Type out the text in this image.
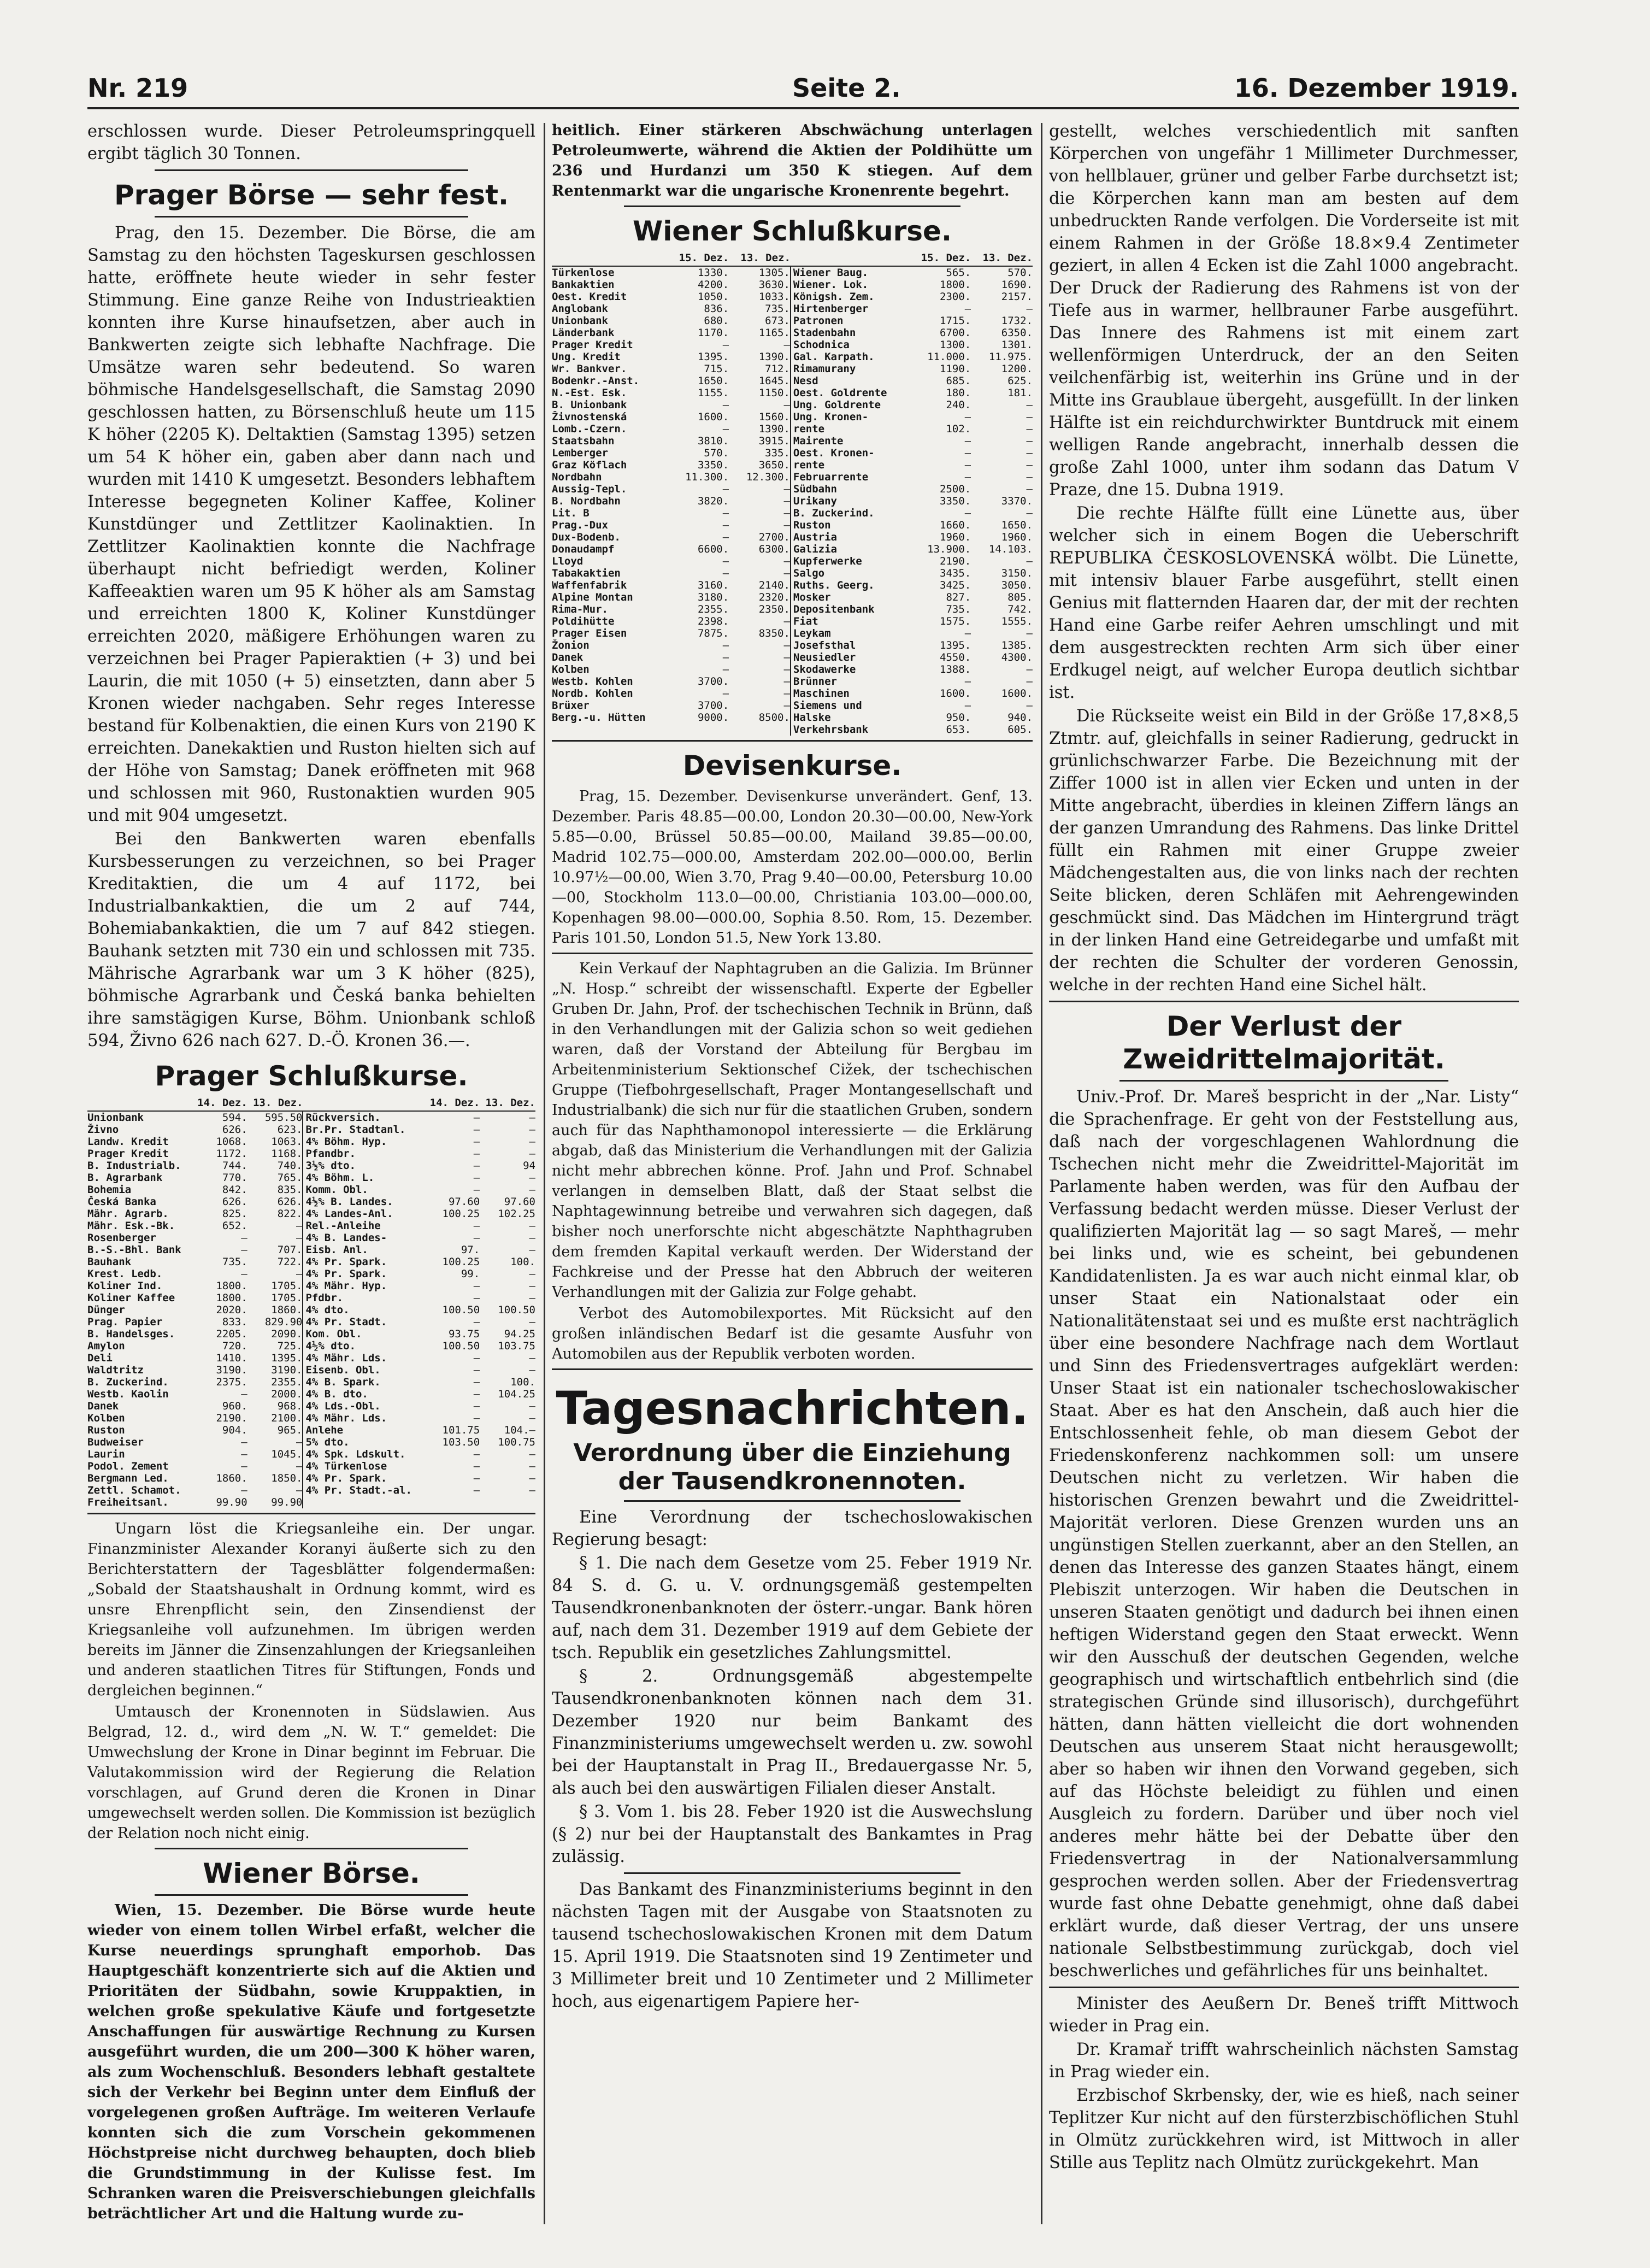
Nr. 219	Seite 2.	16. Dezember 1919.

erschlossen wurde. Dieser Petroleumspringquell ergibt täglich 30 Tonnen.

Prager Börse — sehr fest.

Prag, den 15. Dezember. Die Börse, die am Samstag zu den höchsten Tageskursen geschlossen hatte, eröffnete heute wieder in sehr fester Stimmung. Eine ganze Reihe von Industrieaktien konnten ihre Kurse hinaufsetzen, aber auch in Bankwerten zeigte sich lebhafte Nachfrage. Die Umsätze waren sehr bedeutend. So waren böhmische Handelsgesellschaft, die Samstag 2090 geschlossen hatten, zu Börsenschluß heute um 115 K höher (2205 K). Deltaktien (Samstag 1395) setzen um 54 K höher ein, gaben aber dann nach und wurden mit 1410 K umgesetzt. Besonders lebhaftem Interesse begegneten Koliner Kaffee, Koliner Kunstdünger und Zettlitzer Kaolinaktien. In Zettlitzer Kaolinaktien konnte die Nachfrage überhaupt nicht befriedigt werden, Koliner Kaffeeaktien waren um 95 K höher als am Samstag und erreichten 1800 K, Koliner Kunstdünger erreichten 2020, mäßigere Erhöhungen waren zu verzeichnen bei Prager Papieraktien (+ 3) und bei Laurin, die mit 1050 (+ 5) einsetzten, dann aber 5 Kronen wieder nachgaben. Sehr reges Interesse bestand für Kolbenaktien, die einen Kurs von 2190 K erreichten. Danekaktien und Ruston hielten sich auf der Höhe von Samstag; Danek eröffneten mit 968 und schlossen mit 960, Rustonaktien wurden 905 und mit 904 umgesetzt.

Bei den Bankwerten waren ebenfalls Kursbesserungen zu verzeichnen, so bei Prager Kreditaktien, die um 4 auf 1172, bei Industrialbankaktien, die um 2 auf 744, Bohemiabankaktien, die um 7 auf 842 stiegen. Bauhank setzten mit 730 ein und schlossen mit 735. Mährische Agrarbank war um 3 K höher (825), böhmische Agrarbank und Česká banka behielten ihre samstägigen Kurse, Böhm. Unionbank schloß 594, Živno 626 nach 627. D.-Ö. Kronen 36.—.

Prager Schlußkurse.
	14. Dez.	13. Dez.		14. Dez.	13. Dez.
Unionbank	594.	595.50	Rückversich.	—	—
Živno	626.	623.	Br.Pr. Stadtanl.	—	—
Landw. Kredit	1068.	1063.	4% Böhm. Hyp.	—	—
Prager Kredit	1172.	1168.	Pfandbr.	—	—
B. Industrialb.	744.	740.	3½% dto.	—	94
B. Agrarbank	770.	765.	4% Böhm. L.	—	—
Bohemia	842.	835.	Komm. Obl.	—	—
Česká Banka	626.	626.	4½% B. Landes.	97.60	97.60
Mähr. Agrarb.	825.	822.	4% Landes-Anl.	100.25	102.25
Mähr. Esk.-Bk.	652.	—	Rel.-Anleihe	—	—
Rosenberger	—	—	4% B. Landes-	—	—
B.-S.-Bhl. Bank	—	707.	Eisb. Anl.	97.	—
Bauhank	735.	722.	4% Pr. Spark.	100.25	100.
Krest. Ledb.	—	—	4% Pr. Spark.	99.	—
Koliner Ind.	1800.	1705.	4% Mähr. Hyp.	—	—
Koliner Kaffee	1800.	1705.	Pfdbr.	—	—
Dünger	2020.	1860.	4% dto.	100.50	100.50
Prag. Papier	833.	829.90	4% Pr. Stadt.	—	—
B. Handelsges.	2205.	2090.	Kom. Obl.	93.75	94.25
Amylon	720.	725.	4½% dto.	100.50	103.75
Deli	1410.	1395.	4% Mähr. Lds.	—	—
Waldtritz	3190.	3190.	Eisenb. Obl.	—	—
B. Zuckerind.	2375.	2355.	4% B. Spark.	—	100.
Westb. Kaolin	—	2000.	4% B. dto.	—	104.25
Danek	960.	968.	4% Lds.-Obl.	—	—
Kolben	2190.	2100.	4% Mähr. Lds.	—	—
Ruston	904.	965.	Anlehe	101.75	104.—
Budweiser	—	—	5% dto.	103.50	100.75
Laurin	—	1045.	4% Spk. Ldskult.	—	—
Podol. Zement	—	—	4% Türkenlose	—	—
Bergmann Led.	1860.	1850.	4% Pr. Spark.	—	—
Zettl. Schamot.	—	—	4% Pr. Stadt.-al.	—	—
Freiheitsanl.	99.90	99.90			

Ungarn löst die Kriegsanleihe ein. Der ungar. Finanzminister Alexander Koranyi äußerte sich zu den Berichterstattern der Tagesblätter folgendermaßen: „Sobald der Staatshaushalt in Ordnung kommt, wird es unsre Ehrenpflicht sein, den Zinsendienst der Kriegsanleihe voll aufzunehmen. Im übrigen werden bereits im Jänner die Zinsenzahlungen der Kriegsanleihen und anderen staatlichen Titres für Stiftungen, Fonds und dergleichen beginnen.“

Umtausch der Kronennoten in Südslawien. Aus Belgrad, 12. d., wird dem „N. W. T.“ gemeldet: Die Umwechslung der Krone in Dinar beginnt im Februar. Die Valutakommission wird der Regierung die Relation vorschlagen, auf Grund deren die Kronen in Dinar umgewechselt werden sollen. Die Kommission ist bezüglich der Relation noch nicht einig.

Wiener Börse.

Wien, 15. Dezember. Die Börse wurde heute wieder von einem tollen Wirbel erfaßt, welcher die Kurse neuerdings sprunghaft emporhob. Das Hauptgeschäft konzentrierte sich auf die Aktien und Prioritäten der Südbahn, sowie Kruppaktien, in welchen große spekulative Käufe und fortgesetzte Anschaffungen für auswärtige Rechnung zu Kursen ausgeführt wurden, die um 200—300 K höher waren, als zum Wochenschluß. Besonders lebhaft gestaltete sich der Verkehr bei Beginn unter dem Einfluß der vorgelegenen großen Aufträge. Im weiteren Verlaufe konnten sich die zum Vorschein gekommenen Höchstpreise nicht durchweg behaupten, doch blieb die Grundstimmung in der Kulisse fest. Im Schranken waren die Preisverschiebungen gleichfalls beträchtlicher Art und die Haltung wurde zu-

heitlich. Einer stärkeren Abschwächung unterlagen Petroleumwerte, während die Aktien der Poldihütte um 236 und Hurdanzi um 350 K stiegen. Auf dem Rentenmarkt war die ungarische Kronenrente begehrt.

Wiener Schlußkurse.
	15. Dez.	13. Dez.		15. Dez.	13. Dez.
Türkenlose	1330.	1305.	Wiener Baug.	565.	570.
Bankaktien	4200.	3630.	Wiener. Lok.	1800.	1690.
Oest. Kredit	1050.	1033.	Königsh. Zem.	2300.	2157.
Anglobank	836.	735.	Hirtenberger	—	—
Unionbank	680.	673.	Patronen	1715.	1732.
Länderbank	1170.	1165.	Stadenbahn	6700.	6350.
Prager Kredit	—	—	Schodnica	1300.	1301.
Ung. Kredit	1395.	1390.	Gal. Karpath.	11.000.	11.975.
Wr. Bankver.	715.	712.	Rimamurany	1190.	1200.
Bodenkr.-Anst.	1650.	1645.	Nesd	685.	625.
N.-Est. Esk.	1155.	1150.	Oest. Goldrente	180.	181.
B. Unionbank	—	—	Ung. Goldrente	240.	—
Živnostenská	1600.	1560.	Ung. Kronen-	—	—
Lomb.-Czern.	—	1390.	rente	102.	—
Staatsbahn	3810.	3915.	Mairente	—	—
Lemberger	570.	335.	Oest. Kronen-	—	—
Graz Köflach	3350.	3650.	rente	—	—
Nordbahn	11.300.	12.300.	Februarrente	—	—
Aussig-Tepl.	—	—	Südbahn	2500.	—
B. Nordbahn	3820.	—	Urikany	3350.	3370.
Lit. B	—	—	B. Zuckerind.	—	—
Prag.-Dux	—	—	Ruston	1660.	1650.
Dux-Bodenb.	—	2700.	Austria	1960.	1960.
Donaudampf	6600.	6300.	Galizia	13.900.	14.103.
Lloyd	—	—	Kupferwerke	2190.	—
Tabakaktien	—	—	Salgo	3435.	3150.
Waffenfabrik	3160.	2140.	Ruths. Geerg.	3425.	3050.
Alpine Montan	3180.	2320.	Mosker	827.	805.
Rima-Mur.	2355.	2350.	Depositenbank	735.	742.
Poldihütte	2398.	—	Fiat	1575.	1555.
Prager Eisen	7875.	8350.	Leykam	—	—
Žonion	—	—	Josefsthal	1395.	1385.
Danek	—	—	Neusiedler	4550.	4300.
Kolben	—	—	Skodawerke	1388.	—
Westb. Kohlen	3700.	—	Brünner	—	—
Nordb. Kohlen	—	—	Maschinen	1600.	1600.
Brüxer	3700.	—	Siemens und	—	—
Berg.-u. Hütten	9000.	8500.	Halske	950.	940.
			Verkehrsbank	653.	605.
Devisenkurse.

Prag, 15. Dezember. Devisenkurse unverändert. Genf, 13. Dezember. Paris 48.85—00.00, London 20.30—00.00, New-York 5.85—0.00, Brüssel 50.85—00.00, Mailand 39.85—00.00, Madrid 102.75—000.00, Amsterdam 202.00—000.00, Berlin 10.97½—00.00, Wien 3.70, Prag 9.40—00.00, Petersburg 10.00—00, Stockholm 113.0—00.00, Christiania 103.00—000.00, Kopenhagen 98.00—000.00, Sophia 8.50. Rom, 15. Dezember. Paris 101.50, London 51.5, New York 13.80.

Kein Verkauf der Naphtagruben an die Galizia. Im Brünner „N. Hosp.“ schreibt der wissenschaftl. Experte der Egbeller Gruben Dr. Jahn, Prof. der tschechischen Technik in Brünn, daß in den Verhandlungen mit der Galizia schon so weit gediehen waren, daß der Vorstand der Abteilung für Bergbau im Arbeitenministerium Sektionschef Cižek, der tschechischen Gruppe (Tiefbohrgesellschaft, Prager Montangesellschaft und Industrialbank) die sich nur für die staatlichen Gruben, sondern auch für das Naphthamonopol interessierte — die Erklärung abgab, daß das Ministerium die Verhandlungen mit der Galizia nicht mehr abbrechen könne. Prof. Jahn und Prof. Schnabel verlangen in demselben Blatt, daß der Staat selbst die Naphtagewinnung betreibe und verwahren sich dagegen, daß bisher noch unerforschte nicht abgeschätzte Naphthagruben dem fremden Kapital verkauft werden. Der Widerstand der Fachkreise und der Presse hat den Abbruch der weiteren Verhandlungen mit der Galizia zur Folge gehabt.

Verbot des Automobilexportes. Mit Rücksicht auf den großen inländischen Bedarf ist die gesamte Ausfuhr von Automobilen aus der Republik verboten worden.

Tagesnachrichten.
Verordnung über die Einziehung der Tausendkronennoten.

Eine Verordnung der tschechoslowakischen Regierung besagt:

§ 1. Die nach dem Gesetze vom 25. Feber 1919 Nr. 84 S. d. G. u. V. ordnungsgemäß gestempelten Tausendkronenbanknoten der österr.-ungar. Bank hören auf, nach dem 31. Dezember 1919 auf dem Gebiete der tsch. Republik ein gesetzliches Zahlungsmittel.

§ 2. Ordnungsgemäß abgestempelte Tausendkronenbanknoten können nach dem 31. Dezember 1920 nur beim Bankamt des Finanzministeriums umgewechselt werden u. zw. sowohl bei der Hauptanstalt in Prag II., Bredauergasse Nr. 5, als auch bei den auswärtigen Filialen dieser Anstalt.

§ 3. Vom 1. bis 28. Feber 1920 ist die Auswechslung (§ 2) nur bei der Hauptanstalt des Bankamtes in Prag zulässig.

Das Bankamt des Finanzministeriums beginnt in den nächsten Tagen mit der Ausgabe von Staatsnoten zu tausend tschechoslowakischen Kronen mit dem Datum 15. April 1919. Die Staatsnoten sind 19 Zentimeter und 3 Millimeter breit und 10 Zentimeter und 2 Millimeter hoch, aus eigenartigem Papiere her-

gestellt, welches verschiedentlich mit sanften Körperchen von ungefähr 1 Millimeter Durchmesser, von hellblauer, grüner und gelber Farbe durchsetzt ist; die Körperchen kann man am besten auf dem unbedruckten Rande verfolgen. Die Vorderseite ist mit einem Rahmen in der Größe 18.8×9.4 Zentimeter geziert, in allen 4 Ecken ist die Zahl 1000 angebracht. Der Druck der Radierung des Rahmens ist von der Tiefe aus in warmer, hellbrauner Farbe ausgeführt. Das Innere des Rahmens ist mit einem zart wellenförmigen Unterdruck, der an den Seiten veilchenfärbig ist, weiterhin ins Grüne und in der Mitte ins Graublaue übergeht, ausgefüllt. In der linken Hälfte ist ein reichdurchwirkter Buntdruck mit einem welligen Rande angebracht, innerhalb dessen die große Zahl 1000, unter ihm sodann das Datum V Praze, dne 15. Dubna 1919.

Die rechte Hälfte füllt eine Lünette aus, über welcher sich in einem Bogen die Ueberschrift REPUBLIKA ČESKOSLOVENSKÁ wölbt. Die Lünette, mit intensiv blauer Farbe ausgeführt, stellt einen Genius mit flatternden Haaren dar, der mit der rechten Hand eine Garbe reifer Aehren umschlingt und mit dem ausgestreckten rechten Arm sich über einer Erdkugel neigt, auf welcher Europa deutlich sichtbar ist.

Die Rückseite weist ein Bild in der Größe 17,8×8,5 Ztmtr. auf, gleichfalls in seiner Radierung, gedruckt in grünlichschwarzer Farbe. Die Bezeichnung mit der Ziffer 1000 ist in allen vier Ecken und unten in der Mitte angebracht, überdies in kleinen Ziffern längs an der ganzen Umrandung des Rahmens. Das linke Drittel füllt ein Rahmen mit einer Gruppe zweier Mädchengestalten aus, die von links nach der rechten Seite blicken, deren Schläfen mit Aehrengewinden geschmückt sind. Das Mädchen im Hintergrund trägt in der linken Hand eine Getreidegarbe und umfaßt mit der rechten die Schulter der vorderen Genossin, welche in der rechten Hand eine Sichel hält.

Der Verlust der Zweidrittelmajorität.

Univ.-Prof. Dr. Mareš bespricht in der „Nar. Listy“ die Sprachenfrage. Er geht von der Feststellung aus, daß nach der vorgeschlagenen Wahlordnung die Tschechen nicht mehr die Zweidrittel-Majorität im Parlamente haben werden, was für den Aufbau der Verfassung bedacht werden müsse. Dieser Verlust der qualifizierten Majorität lag — so sagt Mareš, — mehr bei links und, wie es scheint, bei gebundenen Kandidatenlisten. Ja es war auch nicht einmal klar, ob unser Staat ein Nationalstaat oder ein Nationalitätenstaat sei und es mußte erst nachträglich über eine besondere Nachfrage nach dem Wortlaut und Sinn des Friedensvertrages aufgeklärt werden: Unser Staat ist ein nationaler tschechoslowakischer Staat. Aber es hat den Anschein, daß auch hier die Entschlossenheit fehle, ob man diesem Gebot der Friedenskonferenz nachkommen soll: um unsere Deutschen nicht zu verletzen. Wir haben die historischen Grenzen bewahrt und die Zweidrittel-Majorität verloren. Diese Grenzen wurden uns an ungünstigen Stellen zuerkannt, aber an den Stellen, an denen das Interesse des ganzen Staates hängt, einem Plebiszit unterzogen. Wir haben die Deutschen in unseren Staaten genötigt und dadurch bei ihnen einen heftigen Widerstand gegen den Staat erweckt. Wenn wir den Ausschuß der deutschen Gegenden, welche geographisch und wirtschaftlich entbehrlich sind (die strategischen Gründe sind illusorisch), durchgeführt hätten, dann hätten vielleicht die dort wohnenden Deutschen aus unserem Staat nicht herausgewollt; aber so haben wir ihnen den Vorwand gegeben, sich auf das Höchste beleidigt zu fühlen und einen Ausgleich zu fordern. Darüber und über noch viel anderes mehr hätte bei der Debatte über den Friedensvertrag in der Nationalversammlung gesprochen werden sollen. Aber der Friedensvertrag wurde fast ohne Debatte genehmigt, ohne daß dabei erklärt wurde, daß dieser Vertrag, der uns unsere nationale Selbstbestimmung zurückgab, doch viel beschwerliches und gefährliches für uns beinhaltet.

Minister des Aeußern Dr. Beneš trifft Mittwoch wieder in Prag ein.

Dr. Kramař trifft wahrscheinlich nächsten Samstag in Prag wieder ein.

Erzbischof Skrbensky, der, wie es hieß, nach seiner Teplitzer Kur nicht auf den fürsterzbischöflichen Stuhl in Olmütz zurückkehren wird, ist Mittwoch in aller Stille aus Teplitz nach Olmütz zurückgekehrt. Man
